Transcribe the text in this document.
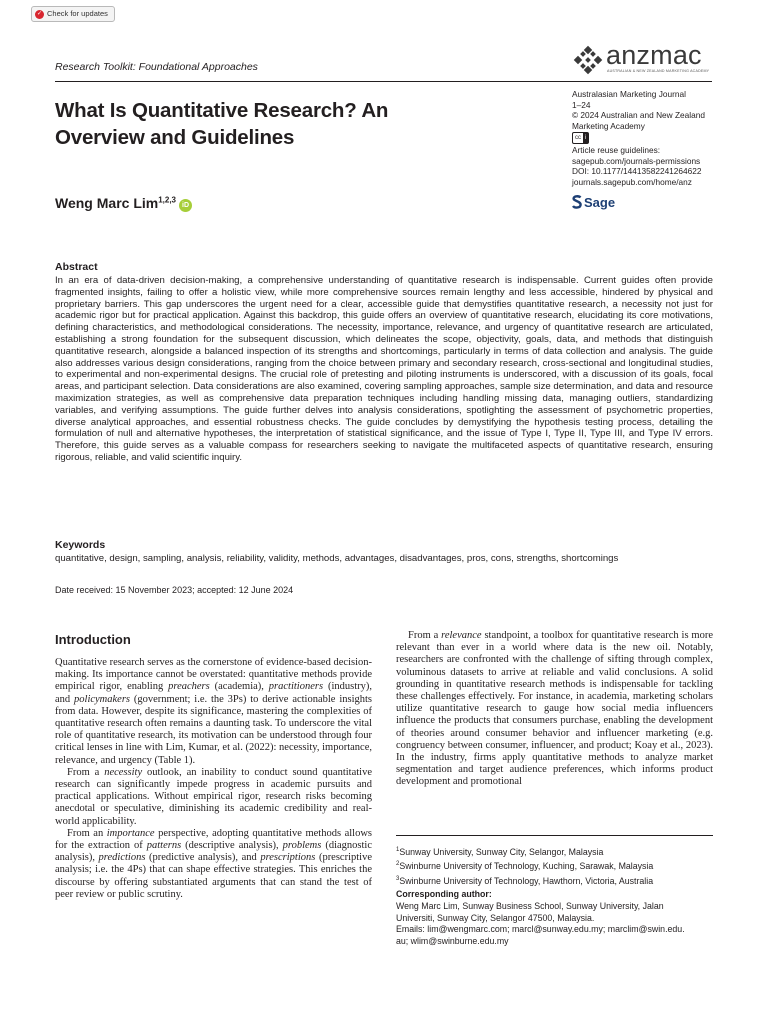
✓ Check for updates
Research Toolkit: Foundational Approaches	anzmac
AUSTRALIAN & NEW ZEALAND MARKETING ACADEMY
What Is Quantitative Research? An Overview and Guidelines
Weng Marc Lim$^{1,2,3}$iD
Australasian Marketing Journal
1–24
© 2024 Australian and New Zealand
Marketing Academy
cc i
Article reuse guidelines:
sagepub.com/journals-permissions
DOI: 10.1177/14413582241264622
journals.sagepub.com/home/anz
Sage
Abstract
In an era of data-driven decision-making, a comprehensive understanding of quantitative research is indispensable. Current guides often provide fragmented insights, failing to offer a holistic view, while more comprehensive sources remain lengthy and less accessible, hindered by physical and proprietary barriers. This gap underscores the urgent need for a clear, accessible guide that demystifies quantitative research, a necessity not just for academic rigor but for practical application. Against this backdrop, this guide offers an overview of quantitative research, elucidating its core motivations, defining characteristics, and methodological considerations. The necessity, importance, relevance, and urgency of quantitative research are articulated, establishing a strong foundation for the subsequent discussion, which delineates the scope, objectivity, goals, data, and methods that distinguish quantitative research, alongside a balanced inspection of its strengths and shortcomings, particularly in terms of data collection and analysis. The guide also addresses various design considerations, ranging from the choice between primary and secondary research, cross-sectional and longitudinal studies, to experimental and non-experimental designs. The crucial role of pretesting and piloting instruments is underscored, with a discussion of its goals, focal areas, and participant selection. Data considerations are also examined, covering sampling approaches, sample size determination, and data and resource maximization strategies, as well as comprehensive data preparation techniques including handling missing data, managing outliers, standardizing variables, and verifying assumptions. The guide further delves into analysis considerations, spotlighting the assessment of psychometric properties, diverse analytical approaches, and essential robustness checks. The guide concludes by demystifying the hypothesis testing process, detailing the formulation of null and alternative hypotheses, the interpretation of statistical significance, and the issue of Type I, Type II, Type III, and Type IV errors. Therefore, this guide serves as a valuable compass for researchers seeking to navigate the multifaceted aspects of quantitative research, ensuring rigorous, reliable, and valid scientific inquiry.
Keywords
quantitative, design, sampling, analysis, reliability, validity, methods, advantages, disadvantages, pros, cons, strengths, shortcomings
Date received: 15 November 2023; accepted: 12 June 2024
Introduction

Quantitative research serves as the cornerstone of evidence-based decision-making. Its importance cannot be overstated: quantitative methods provide empirical rigor, enabling preachers (academia), practitioners (industry), and policymakers (government; i.e. the 3Ps) to derive actionable insights from data. However, despite its significance, mastering the complexities of quantitative research often remains a daunting task. To underscore the vital role of quantitative research, its motivation can be understood through four critical lenses in line with Lim, Kumar, et al. (2022): necessity, importance, relevance, and urgency (Table 1).

From a necessity outlook, an inability to conduct sound quantitative research can significantly impede progress in academic pursuits and practical applications. Without empirical rigor, research risks becoming anecdotal or speculative, diminishing its academic credibility and real-world applicability.

From an importance perspective, adopting quantitative methods allows for the extraction of patterns (descriptive analysis), problems (diagnostic analysis), predictions (predictive analysis), and prescriptions (prescriptive analysis; i.e. the 4Ps) that can shape effective strategies. This enriches the discourse by offering substantiated arguments that can stand the test of peer review or public scrutiny.

From a relevance standpoint, a toolbox for quantitative research is more relevant than ever in a world where data is the new oil. Notably, researchers are confronted with the challenge of sifting through complex, voluminous datasets to arrive at reliable and valid conclusions. A solid grounding in quantitative research methods is indispensable for tackling these challenges effectively. For instance, in academia, marketing scholars utilize quantitative research to gauge how social media influencers influence the products that consumers purchase, enabling the development of theories around consumer behavior and influencer marketing (e.g. congruency between consumer, influencer, and product; Koay et al., 2023). In the industry, firms apply quantitative methods to analyze market segmentation and target audience preferences, which informs product development and promotional

$^1$Sunway University, Sunway City, Selangor, Malaysia
$^2$Swinburne University of Technology, Kuching, Sarawak, Malaysia
$^3$Swinburne University of Technology, Hawthorn, Victoria, Australia
Corresponding author:
Weng Marc Lim, Sunway Business School, Sunway University, Jalan
Universiti, Sunway City, Selangor 47500, Malaysia.
Emails: lim@wengmarc.com; marcl@sunway.edu.my; marclim@swin.edu.
au; wlim@swinburne.edu.my
